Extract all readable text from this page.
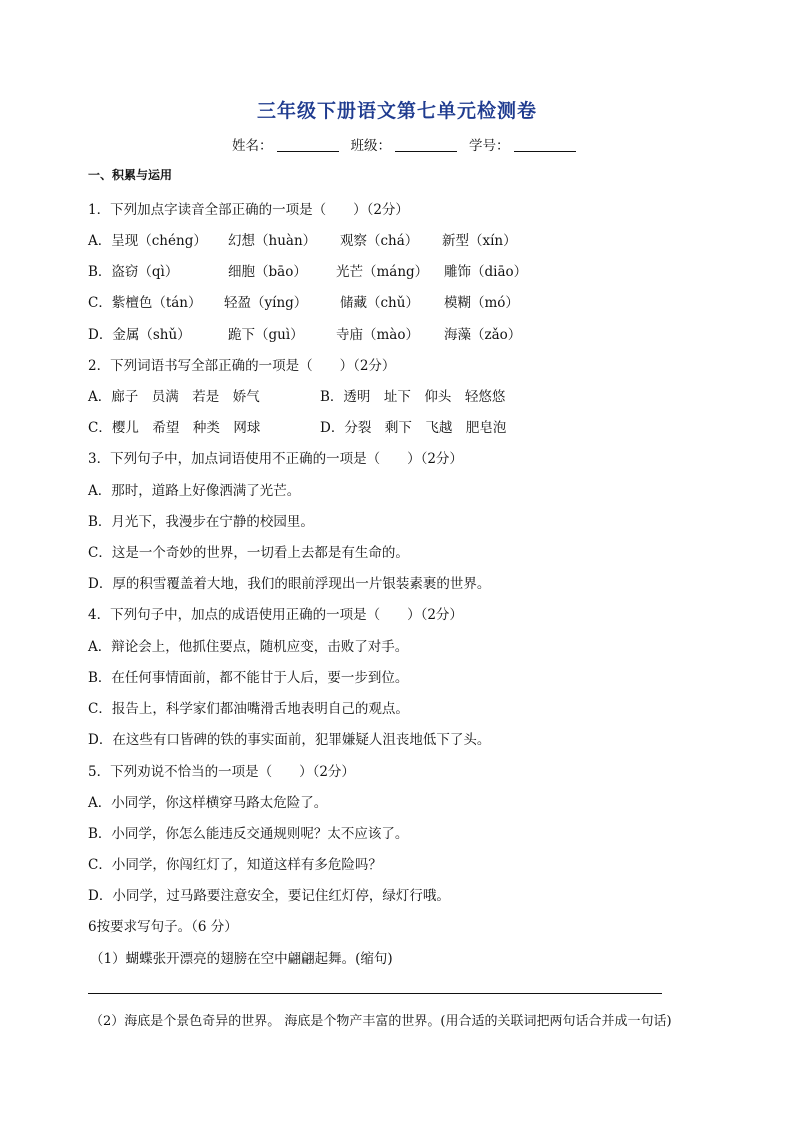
三年级下册语文第七单元检测卷
姓名：	班级：	学号：
一、积累与运用
1．下列加点字读音全部正确的一项是（　　）（2分）
A．呈现（chéng） 幻想（huàn） 观察（chá） 新型（xín）
B．盗窃（qì）	细胞（bāo） 光芒（máng） 雕饰（diāo）
C．紫檀色（tán） 轻盈（yíng） 储藏（chǔ） 模糊（mó）
D．金属（shǔ）	跪下（guì） 寺庙（mào） 海藻（zǎo）
2．下列词语书写全部正确的一项是（　　）（2分）
A．廊子　员满　若是　娇气	B．透明　址下　仰头　轻悠悠
C．樱儿　希望　种类　网球	D．分裂　剩下　飞越　肥皂泡
3．下列句子中，加点词语使用不正确的一项是（　　）（2分）
A．那时，道路上好像洒满了光芒。
B．月光下，我漫步在宁静的校园里。
C．这是一个奇妙的世界，一切看上去都是有生命的。
D．厚的积雪覆盖着大地，我们的眼前浮现出一片银装素裹的世界。
4．下列句子中，加点的成语使用正确的一项是（　　）（2分）
A．辩论会上，他抓住要点，随机应变，击败了对手。
B．在任何事情面前，都不能甘于人后，要一步到位。
C．报告上，科学家们都油嘴滑舌地表明自己的观点。
D．在这些有口皆碑的铁的事实面前，犯罪嫌疑人沮丧地低下了头。
5．下列劝说不恰当的一项是（　　）（2分）
A．小同学，你这样横穿马路太危险了。
B．小同学，你怎么能违反交通规则呢？太不应该了。
C．小同学，你闯红灯了，知道这样有多危险吗？
D．小同学，过马路要注意安全，要记住红灯停，绿灯行哦。
6按要求写句子。（6 分）
（1）蝴蝶张开漂亮的翅膀在空中翩翩起舞。(缩句)
（2）海底是个景色奇异的世界。 海底是个物产丰富的世界。(用合适的关联词把两句话合并成一句话)
